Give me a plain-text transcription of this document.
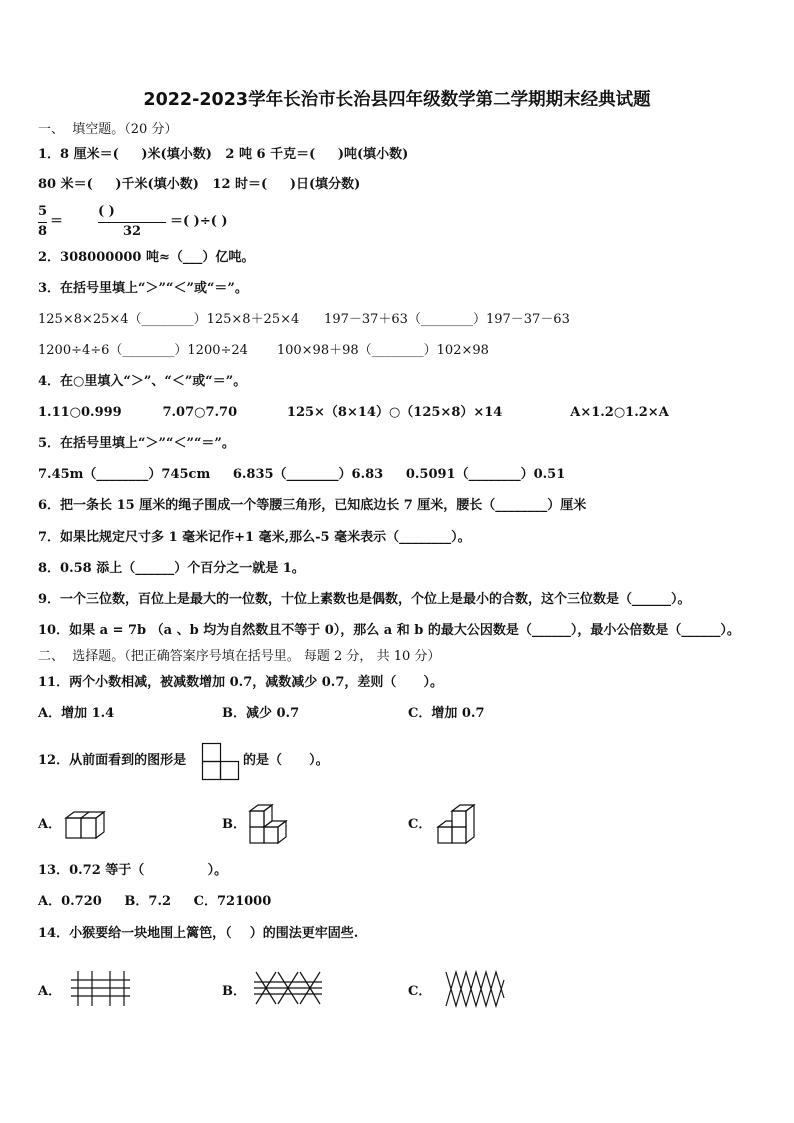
2022-2023学年长治市长治县四年级数学第二学期期末经典试题
一、  填空题。（20 分）
1．8 厘米＝(     )米(填小数)   2 吨 6 千克＝(     )吨(填小数)
80 米＝(     )千米(填小数)   12 时＝(     )日(填分数)
5
8
＝
( )
32
＝( )÷( )
2．308000000 吨≈（___）亿吨。
3．在括号里填上“＞”“＜”或“＝”。
125×8×25×4（________）125×8＋25×4      197－37＋63（________）197－37－63
1200÷4÷6（________）1200÷24       100×98＋98（________）102×98
4．在○里填入“＞”、“＜”或“＝”。
1.11○0.999         7.07○7.70           125×（8×14）○（125×8）×14               A×1.2○1.2×A
5．在括号里填上“＞”“＜”“＝”。
7.45m（________）745cm     6.835（________）6.83     0.5091（________）0.51
6．把一条长 15 厘米的绳子围成一个等腰三角形，已知底边长 7 厘米，腰长（________）厘米
7．如果比规定尺寸多 1 毫米记作+1 毫米,那么-5 毫米表示（________）。
8．0.58 添上（______）个百分之一就是 1。
9．一个三位数，百位上是最大的一位数，十位上素数也是偶数，个位上是最小的合数，这个三位数是（______）。
10．如果 a = 7b （a 、b 均为自然数且不等于 0），那么 a 和 b 的最大公因数是（______），最小公倍数是（______）。
二、  选择题。（把正确答案序号填在括号里。 每题 2 分， 共 10 分）
11．两个小数相减，被减数增加 0.7，减数减少 0.7，差则（      ）。
A．增加 1.4	B．减少 0.7	C．增加 0.7
12．从前面看到的图形是	的是（      ）。
A．	B．	C．
13．0.72 等于（              ）。
A．0.720     B．7.2     C．721000
14．小猴要给一块地围上篱笆，（    ）的围法更牢固些.
A．	B．	C．
